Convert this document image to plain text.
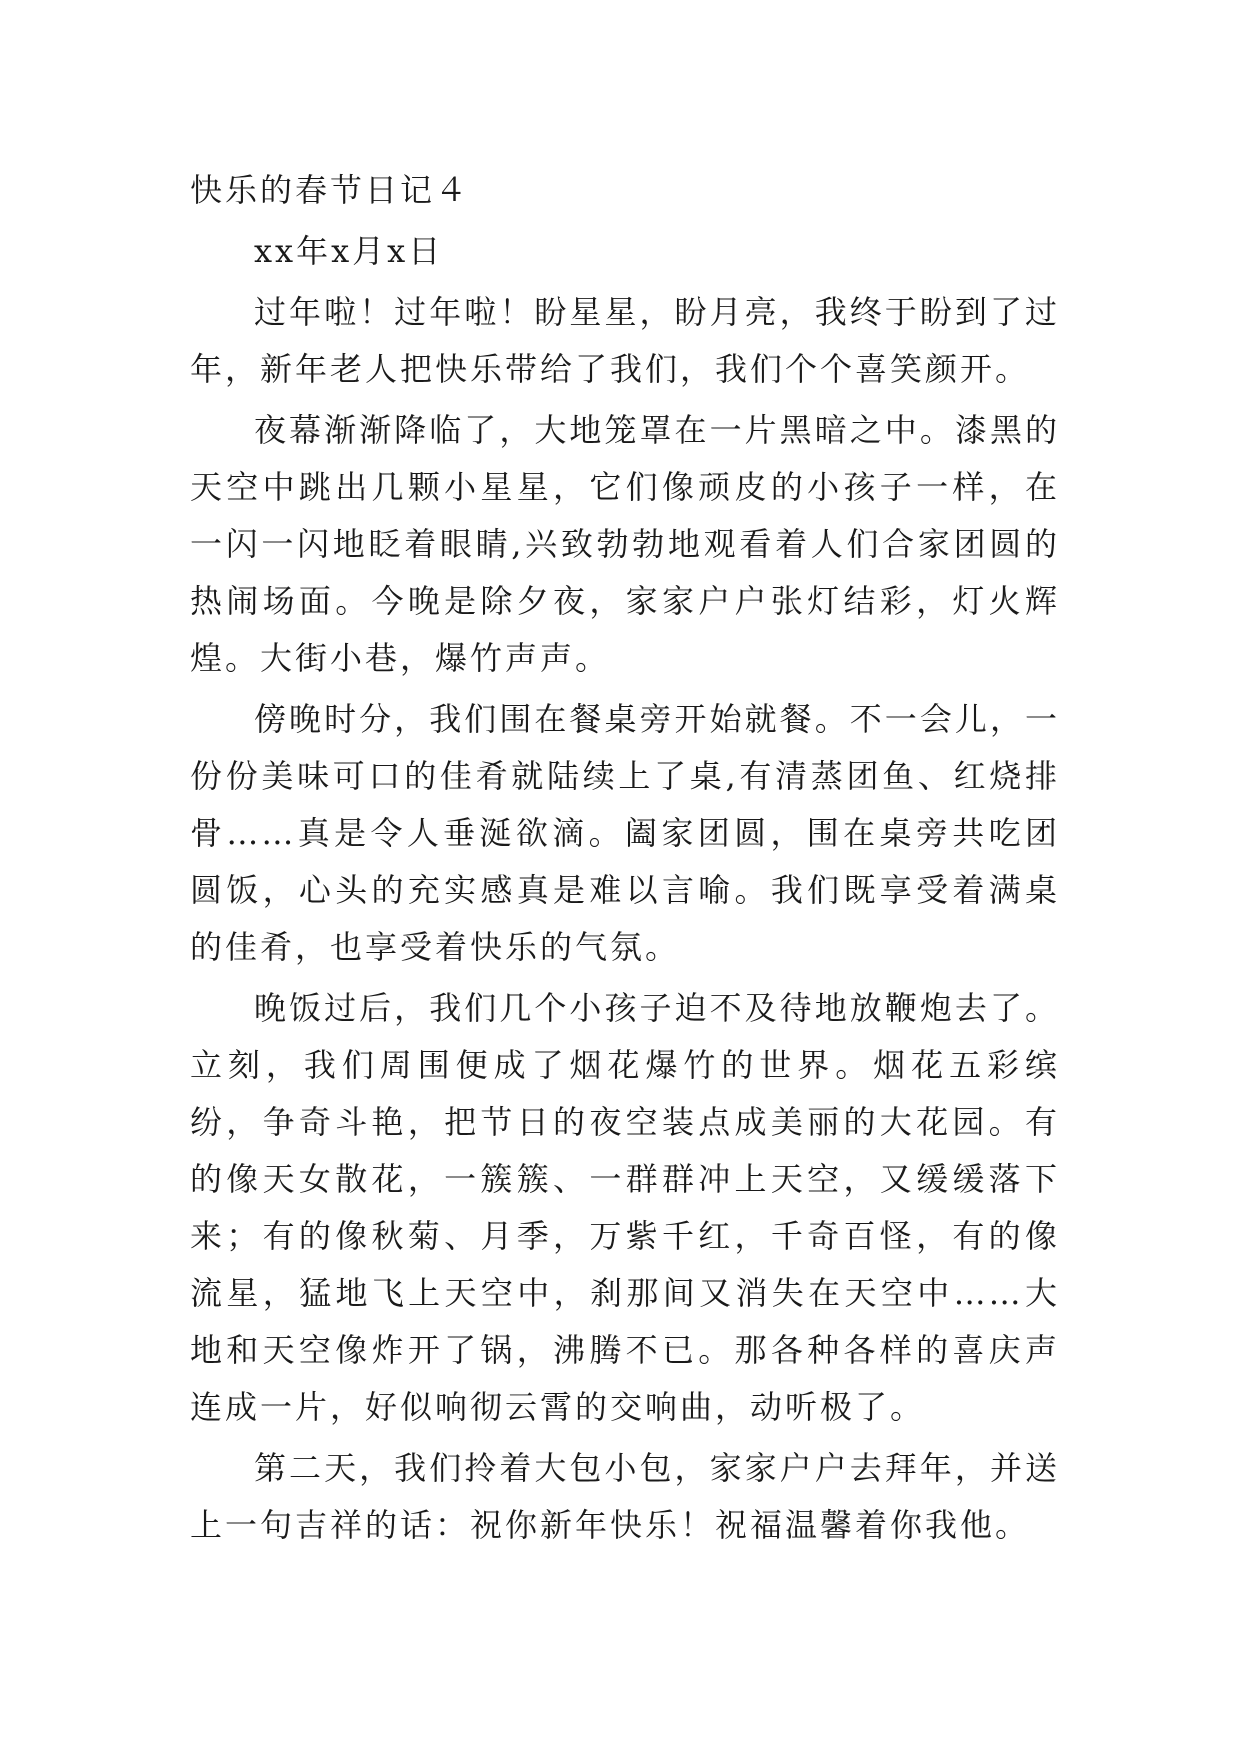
快乐的春节日记４
xx年x月x日

过年啦！过年啦！盼星星，盼月亮，我终于盼到了过年，新年老人把快乐带给了我们，我们个个喜笑颜开。

夜幕渐渐降临了，大地笼罩在一片黑暗之中。漆黑的天空中跳出几颗小星星，它们像顽皮的小孩子一样，在一闪一闪地眨着眼睛,兴致勃勃地观看着人们合家团圆的热闹场面。今晚是除夕夜，家家户户张灯结彩，灯火辉煌。大街小巷，爆竹声声。

傍晚时分，我们围在餐桌旁开始就餐。不一会儿，一份份美味可口的佳肴就陆续上了桌,有清蒸团鱼、红烧排骨……真是令人垂涎欲滴。阖家团圆，围在桌旁共吃团圆饭，心头的充实感真是难以言喻。我们既享受着满桌的佳肴，也享受着快乐的气氛。

晚饭过后，我们几个小孩子迫不及待地放鞭炮去了。立刻，我们周围便成了烟花爆竹的世界。烟花五彩缤纷，争奇斗艳，把节日的夜空装点成美丽的大花园。有的像天女散花，一簇簇、一群群冲上天空，又缓缓落下来；有的像秋菊、月季，万紫千红，千奇百怪，有的像流星，猛地飞上天空中，刹那间又消失在天空中……大地和天空像炸开了锅，沸腾不已。那各种各样的喜庆声连成一片，好似响彻云霄的交响曲，动听极了。

第二天，我们拎着大包小包，家家户户去拜年，并送上一句吉祥的话：祝你新年快乐！祝福温馨着你我他。
